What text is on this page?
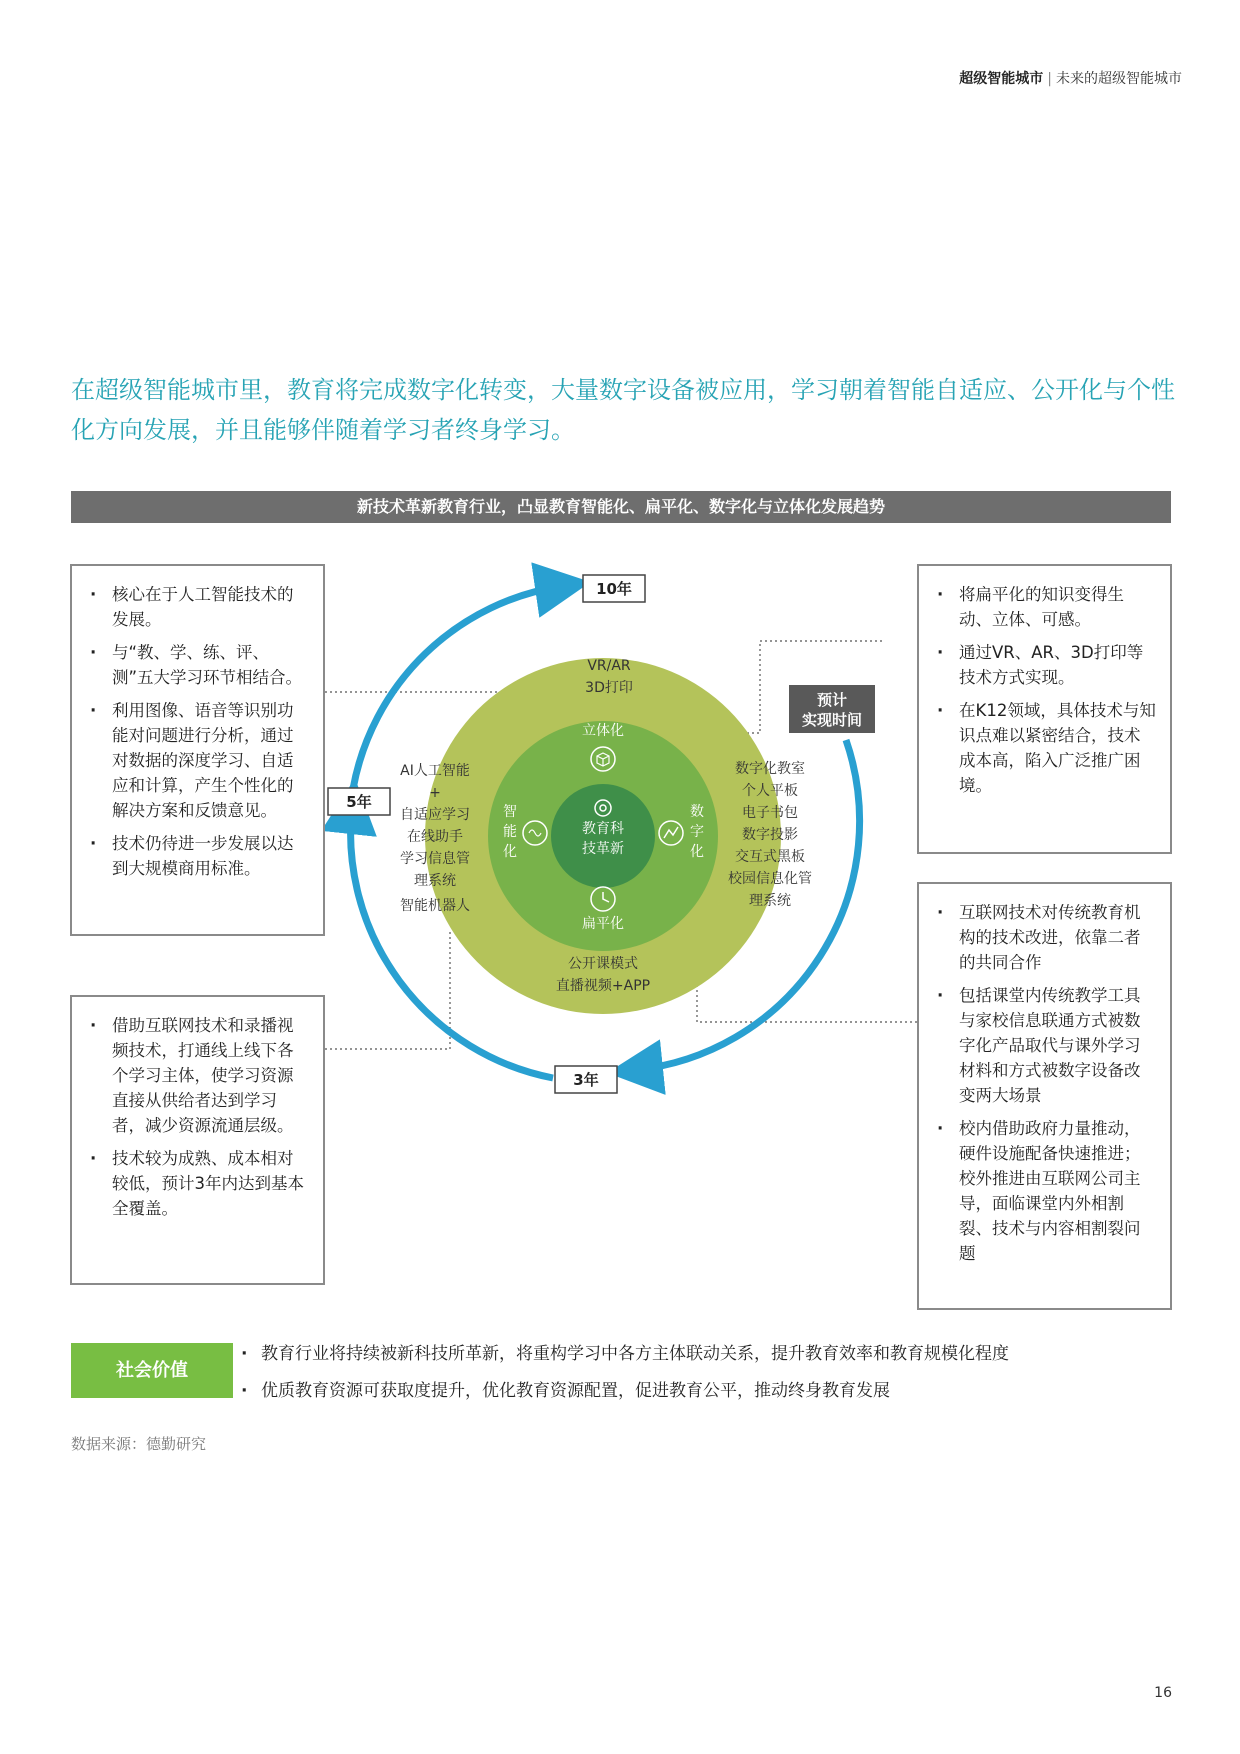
超级智能城市 | 未来的超级智能城市
在超级智能城市里，教育将完成数字化转变，大量数字设备被应用，学习朝着智能自适应、公开化与个性化方向发展，并且能够伴随着学习者终身学习。
新技术革新教育行业，凸显教育智能化、扁平化、数字化与立体化发展趋势
10年
5年
3年
预计
实现时间
教育科
技革新
立体化
扁平化
智
能
化
数
字
化
VR/AR
3D打印
AI人工智能
+
自适应学习
在线助手
学习信息管
理系统
智能机器人
数字化教室
个人平板
电子书包
数字投影
交互式黑板
校园信息化管
理系统
公开课模式
直播视频+APP
· 核心在于人工智能技术的发展。
· 与“教、学、练、评、测”五大学习环节相结合。
· 利用图像、语音等识别功能对问题进行分析，通过对数据的深度学习、自适应和计算，产生个性化的解决方案和反馈意见。
· 技术仍待进一步发展以达到大规模商用标准。
· 借助互联网技术和录播视频技术，打通线上线下各个学习主体，使学习资源直接从供给者达到学习者，减少资源流通层级。
· 技术较为成熟、成本相对较低，预计3年内达到基本全覆盖。
· 将扁平化的知识变得生动、立体、可感。
· 通过VR、AR、3D打印等技术方式实现。
· 在K12领域，具体技术与知识点难以紧密结合，技术成本高，陷入广泛推广困境。
· 互联网技术对传统教育机构的技术改进，依靠二者的共同合作
· 包括课堂内传统教学工具与家校信息联通方式被数字化产品取代与课外学习材料和方式被数字设备改变两大场景
· 校内借助政府力量推动，硬件设施配备快速推进；校外推进由互联网公司主导，面临课堂内外相割裂、技术与内容相割裂问题
社会价值
· 教育行业将持续被新科技所革新，将重构学习中各方主体联动关系，提升教育效率和教育规模化程度
· 优质教育资源可获取度提升，优化教育资源配置，促进教育公平，推动终身教育发展
数据来源：德勤研究
16
